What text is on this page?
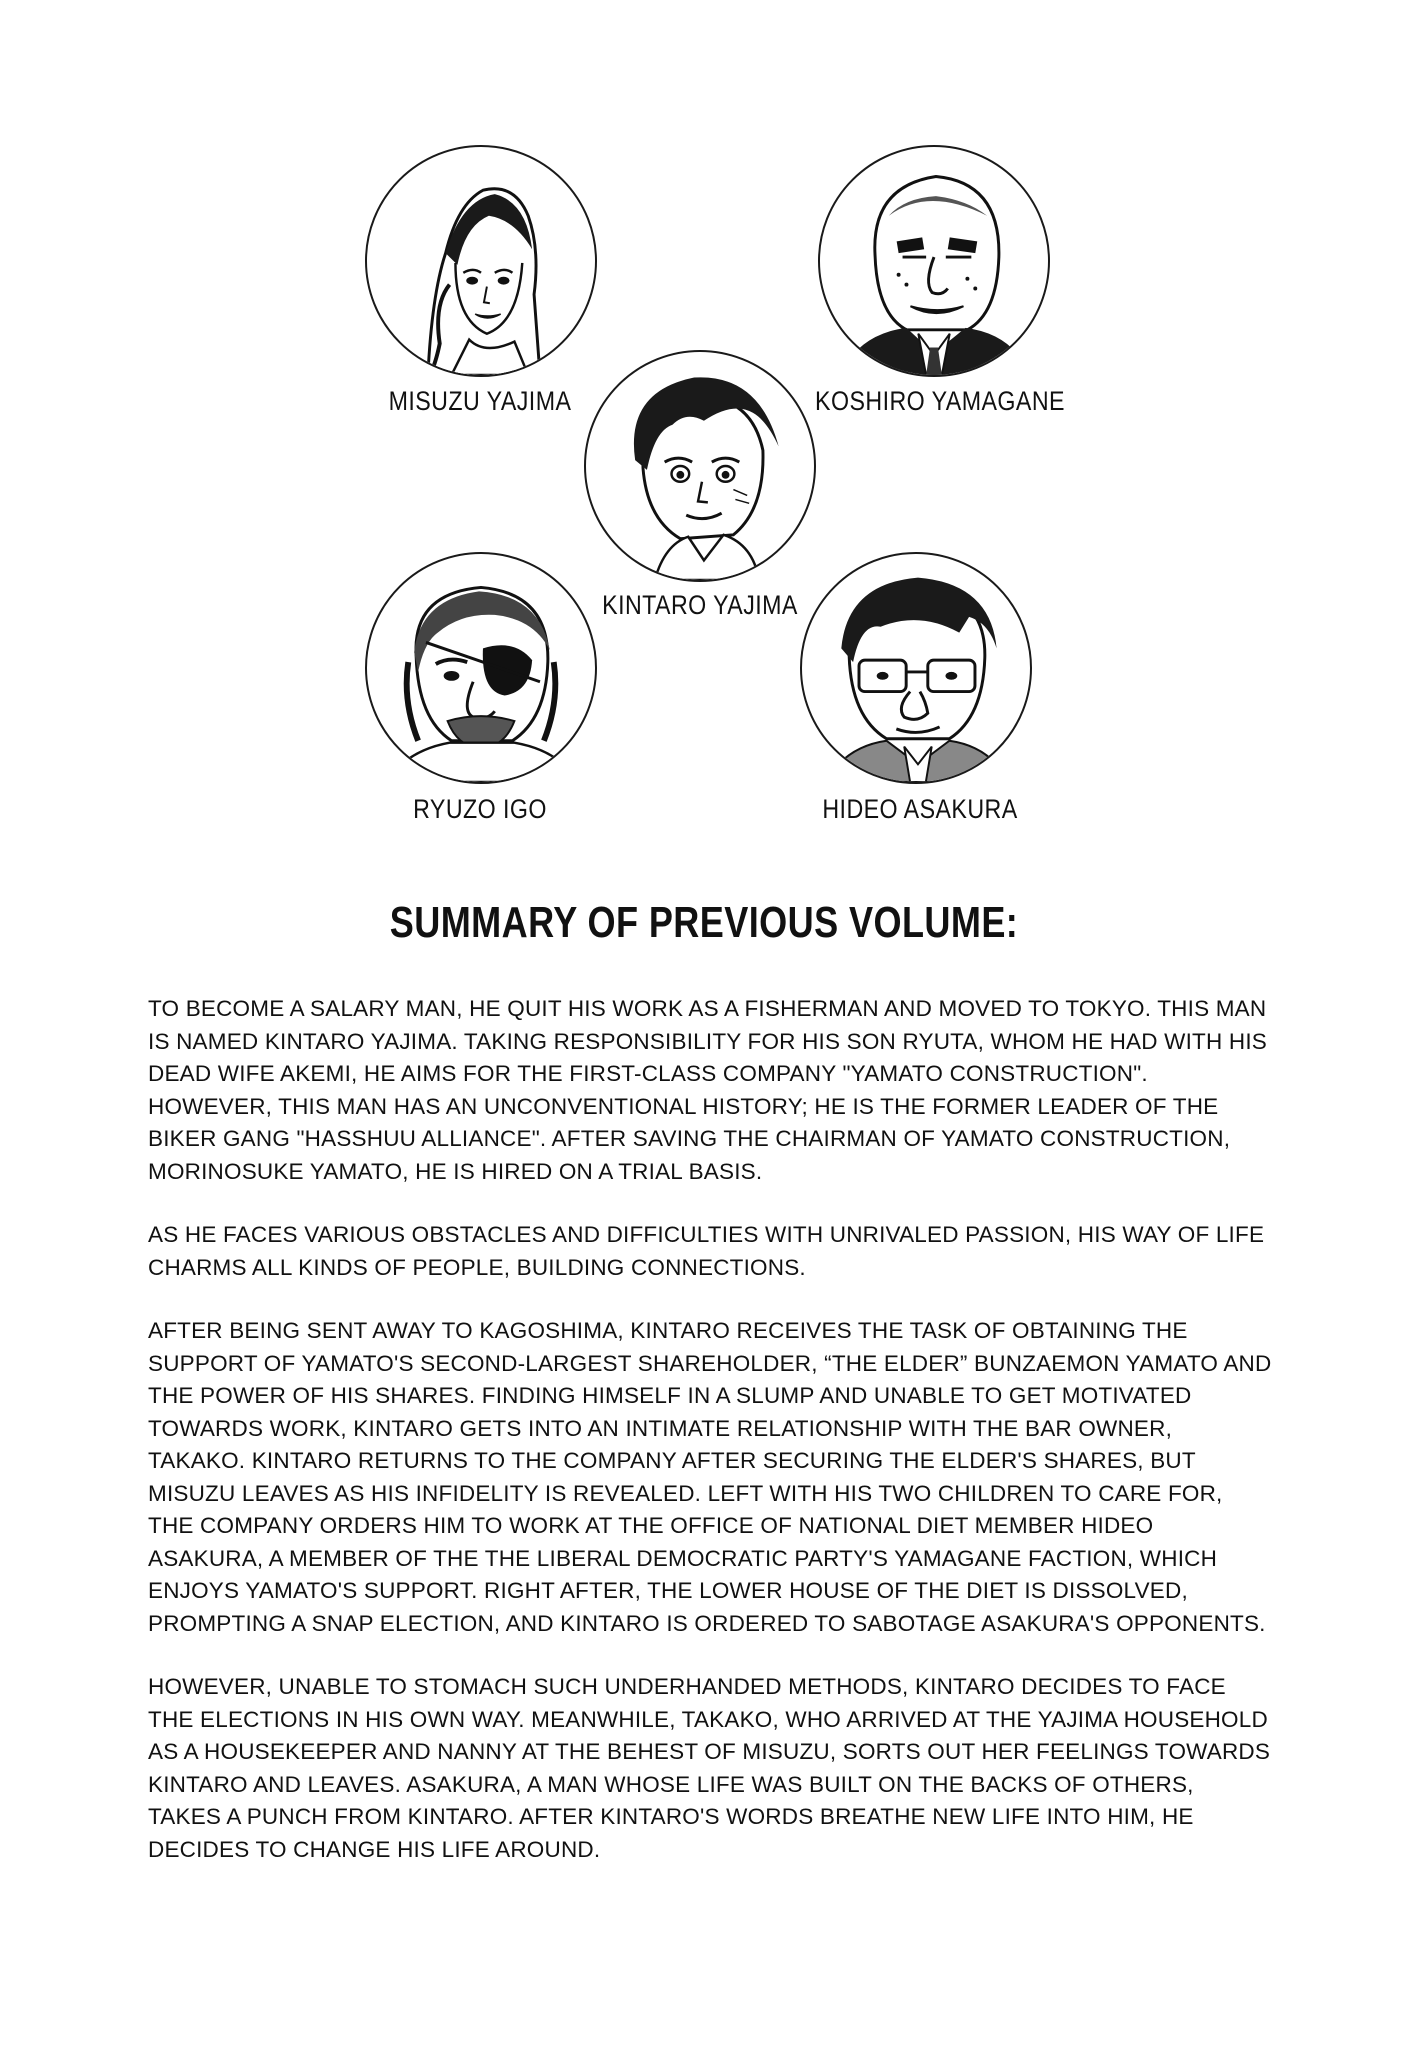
MISUZU YAJIMA	KOSHIRO YAMAGANE
KINTARO YAJIMA
RYUZO IGO	HIDEO ASAKURA
SUMMARY OF PREVIOUS VOLUME:

TO BECOME A SALARY MAN, HE QUIT HIS WORK AS A FISHERMAN AND MOVED TO TOKYO. THIS MAN IS NAMED KINTARO YAJIMA. TAKING RESPONSIBILITY FOR HIS SON RYUTA, WHOM HE HAD WITH HIS DEAD WIFE AKEMI, HE AIMS FOR THE FIRST-CLASS COMPANY "YAMATO CONSTRUCTION". HOWEVER, THIS MAN HAS AN UNCONVENTIONAL HISTORY; HE IS THE FORMER LEADER OF THE BIKER GANG "HASSHUU ALLIANCE". AFTER SAVING THE CHAIRMAN OF YAMATO CONSTRUCTION, MORINOSUKE YAMATO, HE IS HIRED ON A TRIAL BASIS.

AS HE FACES VARIOUS OBSTACLES AND DIFFICULTIES WITH UNRIVALED PASSION, HIS WAY OF LIFE CHARMS ALL KINDS OF PEOPLE, BUILDING CONNECTIONS.

AFTER BEING SENT AWAY TO KAGOSHIMA, KINTARO RECEIVES THE TASK OF OBTAINING THE SUPPORT OF YAMATO'S SECOND-LARGEST SHAREHOLDER, “THE ELDER” BUNZAEMON YAMATO AND THE POWER OF HIS SHARES. FINDING HIMSELF IN A SLUMP AND UNABLE TO GET MOTIVATED TOWARDS WORK, KINTARO GETS INTO AN INTIMATE RELATIONSHIP WITH THE BAR OWNER, TAKAKO. KINTARO RETURNS TO THE COMPANY AFTER SECURING THE ELDER'S SHARES, BUT MISUZU LEAVES AS HIS INFIDELITY IS REVEALED. LEFT WITH HIS TWO CHILDREN TO CARE FOR, THE COMPANY ORDERS HIM TO WORK AT THE OFFICE OF NATIONAL DIET MEMBER HIDEO ASAKURA, A MEMBER OF THE THE LIBERAL DEMOCRATIC PARTY'S YAMAGANE FACTION, WHICH ENJOYS YAMATO'S SUPPORT. RIGHT AFTER, THE LOWER HOUSE OF THE DIET IS DISSOLVED, PROMPTING A SNAP ELECTION, AND KINTARO IS ORDERED TO SABOTAGE ASAKURA'S OPPONENTS.

HOWEVER, UNABLE TO STOMACH SUCH UNDERHANDED METHODS, KINTARO DECIDES TO FACE THE ELECTIONS IN HIS OWN WAY. MEANWHILE, TAKAKO, WHO ARRIVED AT THE YAJIMA HOUSEHOLD AS A HOUSEKEEPER AND NANNY AT THE BEHEST OF MISUZU, SORTS OUT HER FEELINGS TOWARDS KINTARO AND LEAVES. ASAKURA, A MAN WHOSE LIFE WAS BUILT ON THE BACKS OF OTHERS, TAKES A PUNCH FROM KINTARO. AFTER KINTARO'S WORDS BREATHE NEW LIFE INTO HIM, HE DECIDES TO CHANGE HIS LIFE AROUND.
